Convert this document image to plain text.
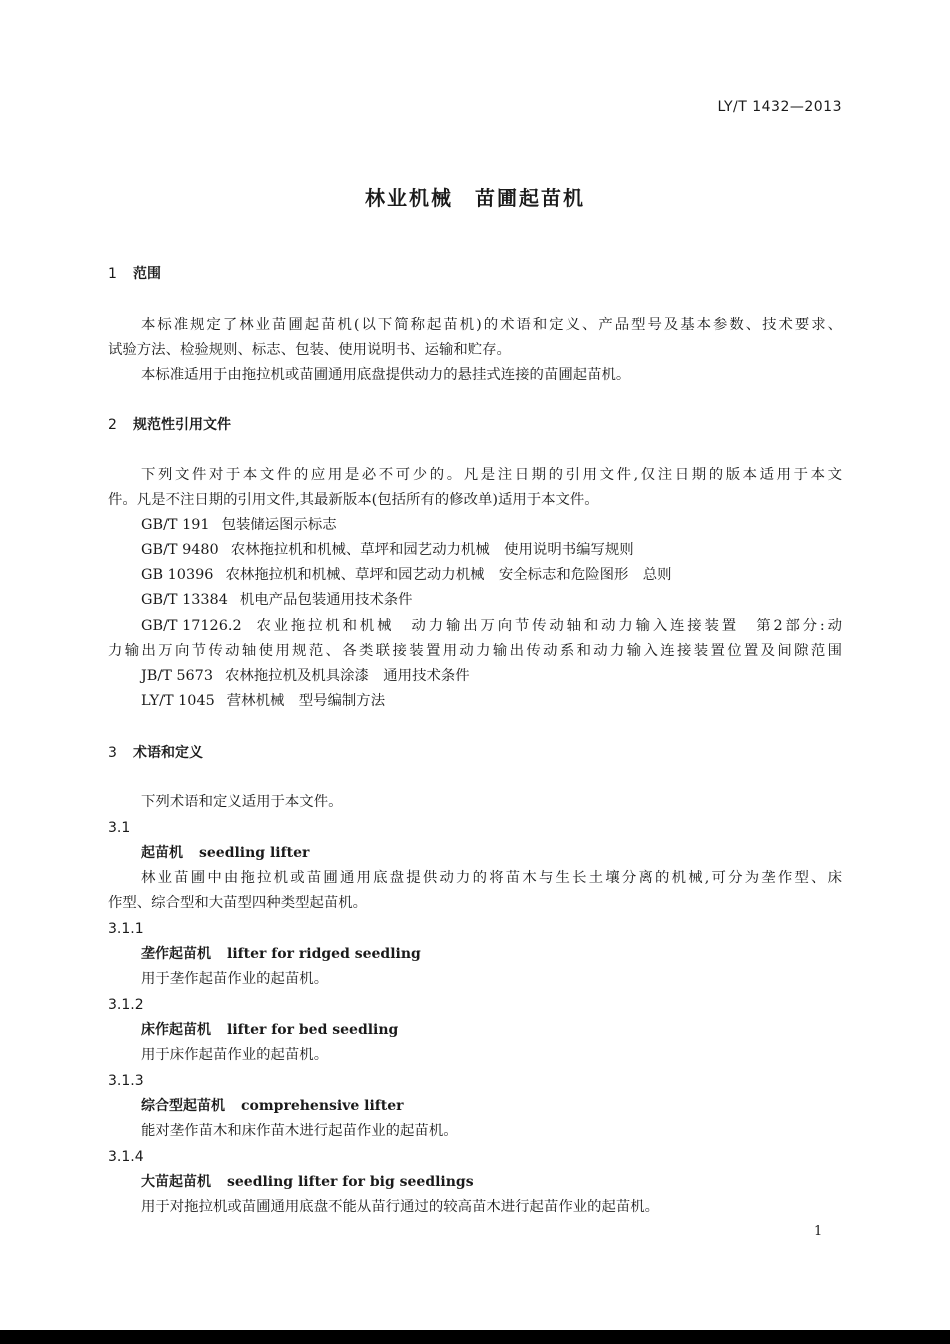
LY/T 1432—2013
林业机械　苗圃起苗机
1 范围
本标准规定了林业苗圃起苗机(以下简称起苗机)的术语和定义、产品型号及基本参数、技术要求、
试验方法、检验规则、标志、包装、使用说明书、运输和贮存。
本标准适用于由拖拉机或苗圃通用底盘提供动力的悬挂式连接的苗圃起苗机。
2 规范性引用文件
下列文件对于本文件的应用是必不可少的。凡是注日期的引用文件,仅注日期的版本适用于本文
件。凡是不注日期的引用文件,其最新版本(包括所有的修改单)适用于本文件。
GB/T 191 包装储运图示标志
GB/T 9480 农林拖拉机和机械、草坪和园艺动力机械　使用说明书编写规则
GB 10396 农林拖拉机和机械、草坪和园艺动力机械　安全标志和危险图形　总则
GB/T 13384 机电产品包装通用技术条件
GB/T 17126.2 农业拖拉机和机械　动力输出万向节传动轴和动力输入连接装置　第2部分:动
力输出万向节传动轴使用规范、各类联接装置用动力输出传动系和动力输入连接装置位置及间隙范围
JB/T 5673 农林拖拉机及机具涂漆　通用技术条件
LY/T 1045 营林机械　型号编制方法
3 术语和定义
下列术语和定义适用于本文件。
3.1
起苗机 seedling lifter
林业苗圃中由拖拉机或苗圃通用底盘提供动力的将苗木与生长土壤分离的机械,可分为垄作型、床
作型、综合型和大苗型四种类型起苗机。
3.1.1
垄作起苗机 lifter for ridged seedling
用于垄作起苗作业的起苗机。
3.1.2
床作起苗机 lifter for bed seedling
用于床作起苗作业的起苗机。
3.1.3
综合型起苗机 comprehensive lifter
能对垄作苗木和床作苗木进行起苗作业的起苗机。
3.1.4
大苗起苗机 seedling lifter for big seedlings
用于对拖拉机或苗圃通用底盘不能从苗行通过的较高苗木进行起苗作业的起苗机。
1
